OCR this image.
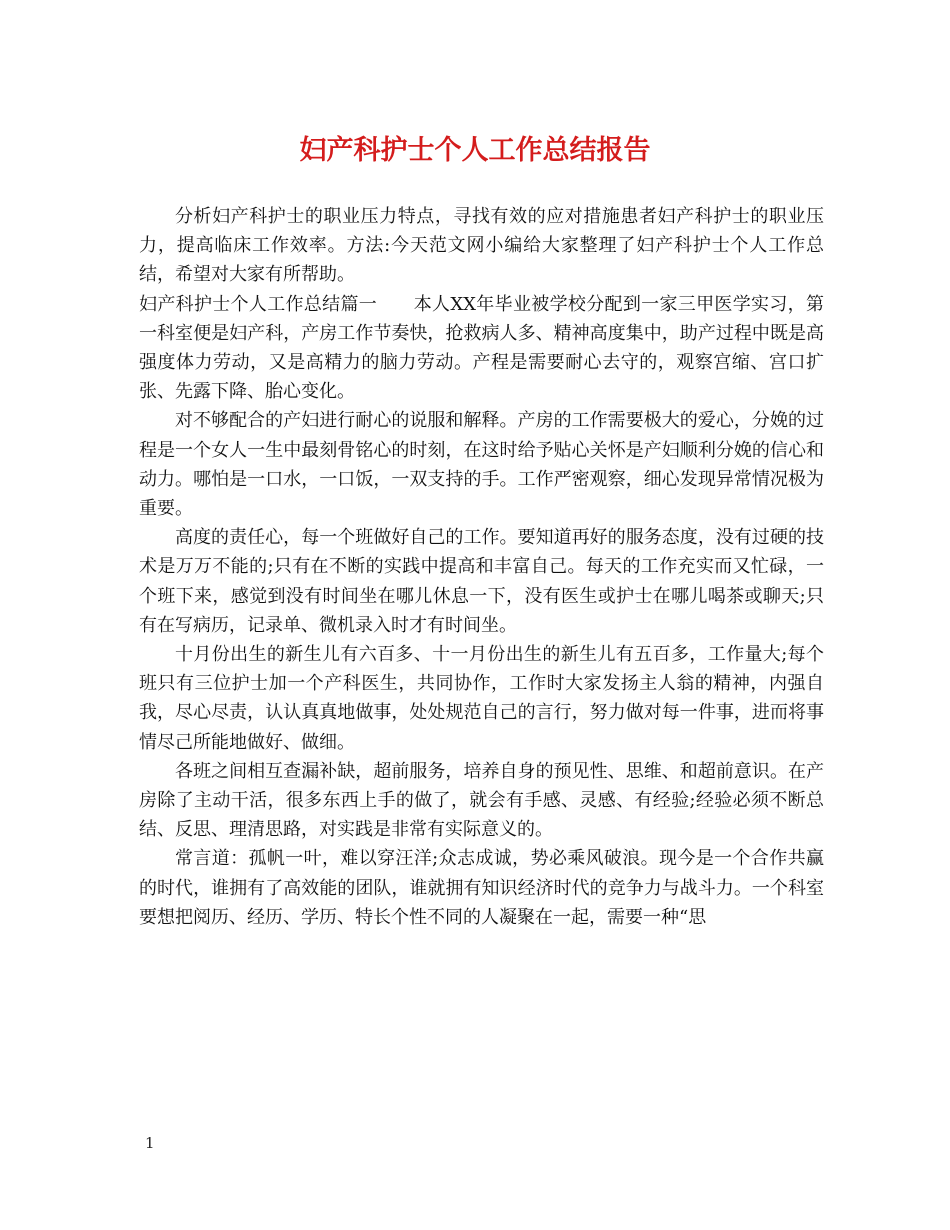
妇产科护士个人工作总结报告

分析妇产科护士的职业压力特点，寻找有效的应对措施患者妇产科护士的职业压力，提高临床工作效率。方法:今天范文网小编给大家整理了妇产科护士个人工作总结，希望对大家有所帮助。

妇产科护士个人工作总结篇一　　本人XX年毕业被学校分配到一家三甲医学实习，第一科室便是妇产科，产房工作节奏快，抢救病人多、精神高度集中，助产过程中既是高强度体力劳动，又是高精力的脑力劳动。产程是需要耐心去守的，观察宫缩、宫口扩张、先露下降、胎心变化。

对不够配合的产妇进行耐心的说服和解释。产房的工作需要极大的爱心，分娩的过程是一个女人一生中最刻骨铭心的时刻，在这时给予贴心关怀是产妇顺利分娩的信心和动力。哪怕是一口水，一口饭，一双支持的手。工作严密观察，细心发现异常情况极为重要。

高度的责任心，每一个班做好自己的工作。要知道再好的服务态度，没有过硬的技术是万万不能的;只有在不断的实践中提高和丰富自己。每天的工作充实而又忙碌，一个班下来，感觉到没有时间坐在哪儿休息一下，没有医生或护士在哪儿喝茶或聊天;只有在写病历，记录单、微机录入时才有时间坐。

十月份出生的新生儿有六百多、十一月份出生的新生儿有五百多，工作量大;每个班只有三位护士加一个产科医生，共同协作，工作时大家发扬主人翁的精神，内强自我，尽心尽责，认认真真地做事，处处规范自己的言行，努力做对每一件事，进而将事情尽己所能地做好、做细。

各班之间相互查漏补缺，超前服务，培养自身的预见性、思维、和超前意识。在产房除了主动干活，很多东西上手的做了，就会有手感、灵感、有经验;经验必须不断总结、反思、理清思路，对实践是非常有实际意义的。

常言道：孤帆一叶，难以穿汪洋;众志成诚，势必乘风破浪。现今是一个合作共赢的时代，谁拥有了高效能的团队，谁就拥有知识经济时代的竞争力与战斗力。一个科室要想把阅历、经历、学历、特长个性不同的人凝聚在一起，需要一种“思

1
